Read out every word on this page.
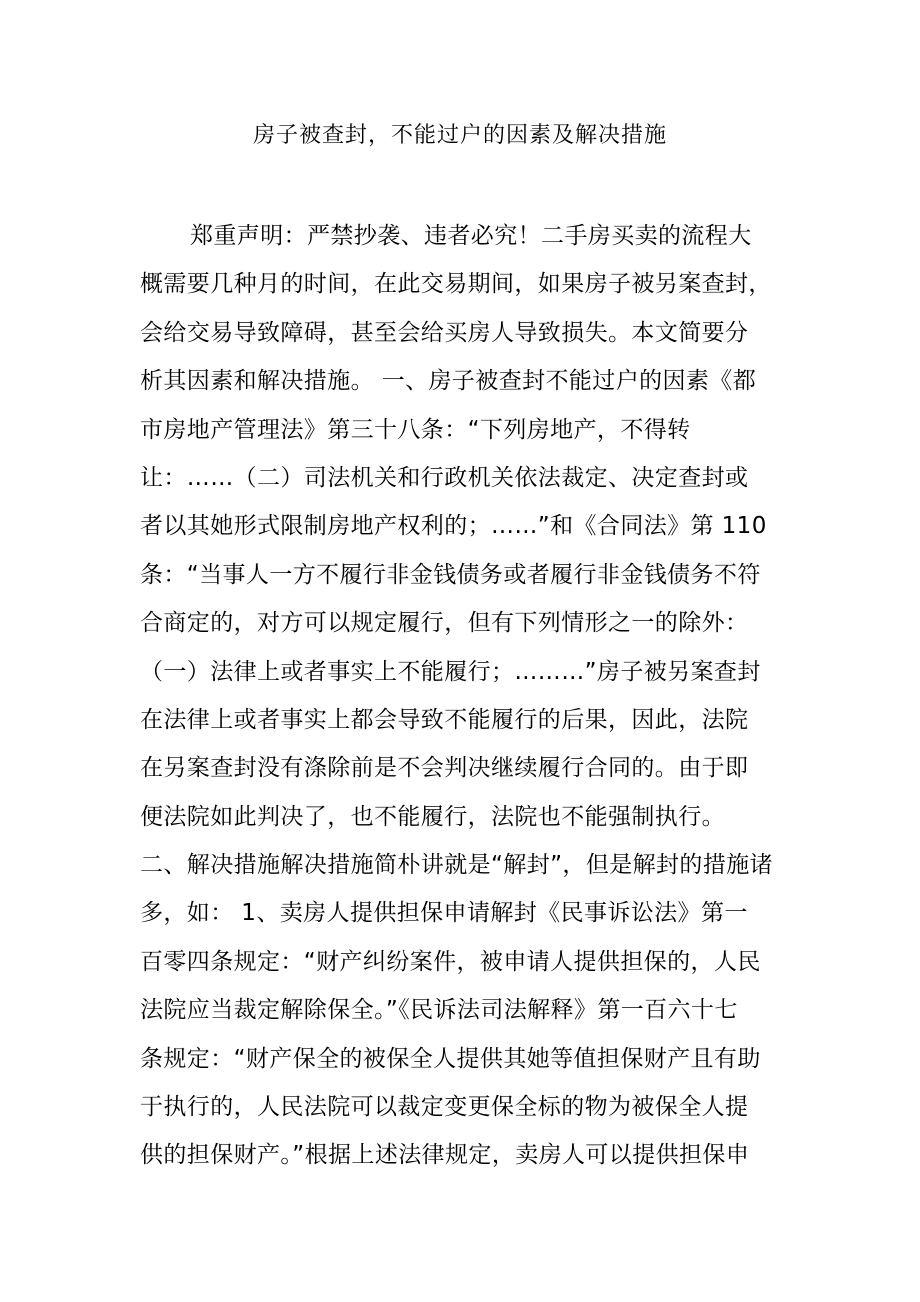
房子被查封，不能过户的因素及解决措施
郑重声明：严禁抄袭、违者必究！二手房买卖的流程大
概需要几种月的时间，在此交易期间，如果房子被另案查封，
会给交易导致障碍，甚至会给买房人导致损失。本文简要分
析其因素和解决措施。 一、房子被查封不能过户的因素《都
市房地产管理法》第三十八条：“下列房地产，不得转
让：……（二）司法机关和行政机关依法裁定、决定查封或
者以其她形式限制房地产权利的；……”和《合同法》第 110
条：“当事人一方不履行非金钱债务或者履行非金钱债务不符
合商定的，对方可以规定履行，但有下列情形之一的除外：
（一）法律上或者事实上不能履行；………”房子被另案查封
在法律上或者事实上都会导致不能履行的后果，因此，法院
在另案查封没有涤除前是不会判决继续履行合同的。由于即
便法院如此判决了，也不能履行，法院也不能强制执行。
二、解决措施解决措施简朴讲就是“解封”，但是解封的措施诸
多，如： 1、卖房人提供担保申请解封《民事诉讼法》第一
百零四条规定：“财产纠纷案件，被申请人提供担保的，人民
法院应当裁定解除保全。”《民诉法司法解释》第一百六十七
条规定：“财产保全的被保全人提供其她等值担保财产且有助
于执行的，人民法院可以裁定变更保全标的物为被保全人提
供的担保财产。”根据上述法律规定，卖房人可以提供担保申
